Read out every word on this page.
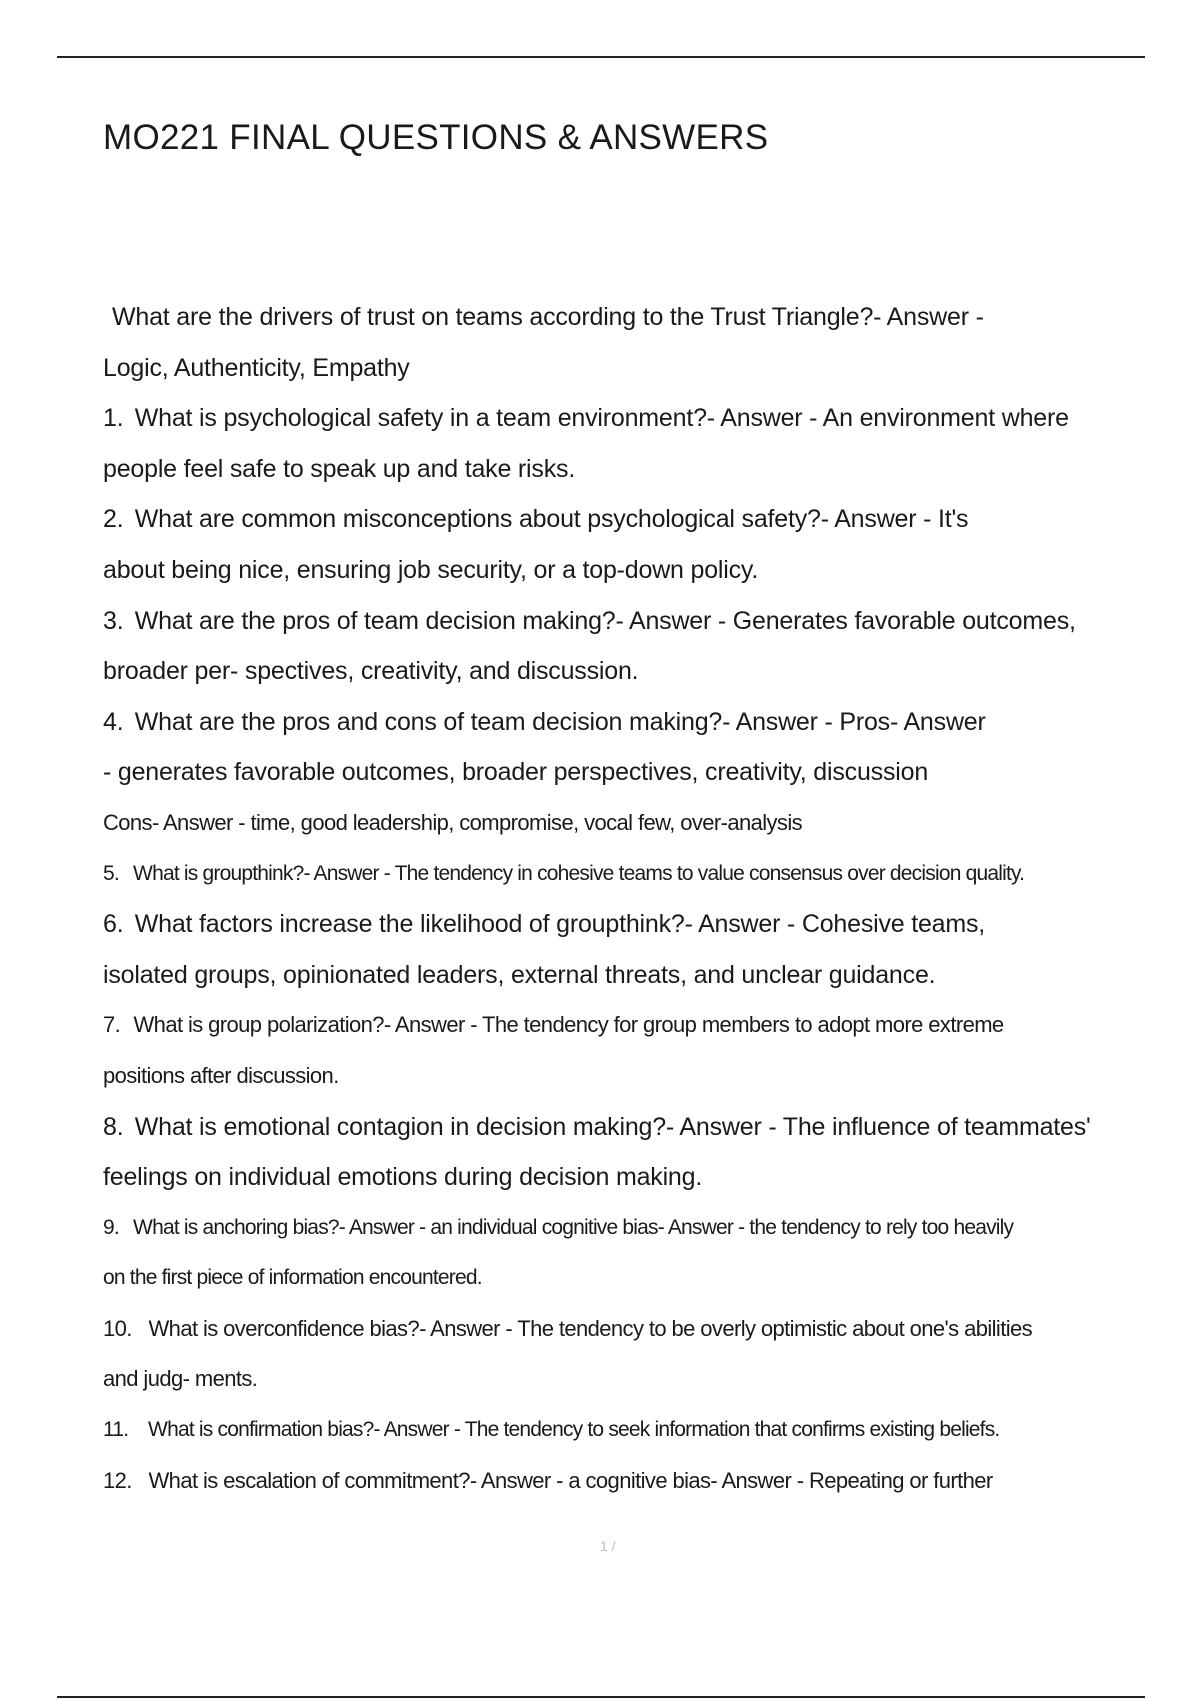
MO221 FINAL QUESTIONS & ANSWERS
What are the drivers of trust on teams according to the Trust Triangle?- Answer -
Logic, Authenticity, Empathy
1. What is psychological safety in a team environment?- Answer - An environment where
people feel safe to speak up and take risks.
2. What are common misconceptions about psychological safety?- Answer - It's
about being nice, ensuring job security, or a top-down policy.
3. What are the pros of team decision making?- Answer - Generates favorable outcomes,
broader per- spectives, creativity, and discussion.
4. What are the pros and cons of team decision making?- Answer - Pros- Answer
- generates favorable outcomes, broader perspectives, creativity, discussion
Cons- Answer - time, good leadership, compromise, vocal few, over-analysis
5. What is groupthink?- Answer - The tendency in cohesive teams to value consensus over decision quality.
6. What factors increase the likelihood of groupthink?- Answer - Cohesive teams,
isolated groups, opinionated leaders, external threats, and unclear guidance.
7. What is group polarization?- Answer - The tendency for group members to adopt more extreme
positions after discussion.
8. What is emotional contagion in decision making?- Answer - The influence of teammates'
feelings on individual emotions during decision making.
9. What is anchoring bias?- Answer - an individual cognitive bias- Answer - the tendency to rely too heavily
on the first piece of information encountered.
10. What is overconfidence bias?- Answer - The tendency to be overly optimistic about one's abilities
and judg- ments.
11. What is confirmation bias?- Answer - The tendency to seek information that confirms existing beliefs.
12. What is escalation of commitment?- Answer - a cognitive bias- Answer - Repeating or further
1 /
